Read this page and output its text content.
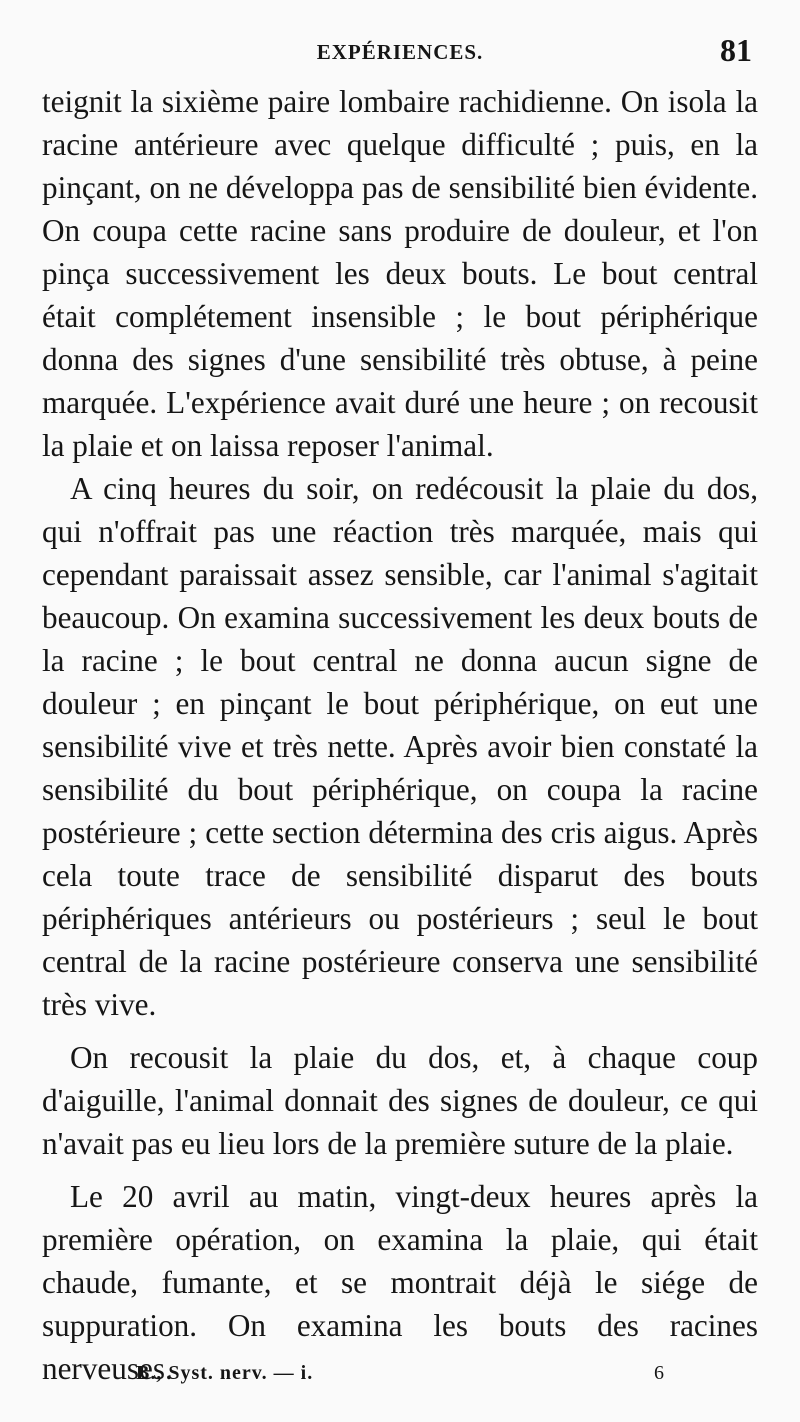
EXPÉRIENCES.	81

teignit la sixième paire lombaire rachidienne. On isola la racine antérieure avec quelque difficulté ; puis, en la pinçant, on ne développa pas de sensibilité bien évidente. On coupa cette racine sans produire de douleur, et l'on pinça successivement les deux bouts. Le bout central était complétement insensible ; le bout périphérique donna des signes d'une sensibilité très obtuse, à peine marquée. L'expérience avait duré une heure ; on recousit la plaie et on laissa reposer l'animal.

A cinq heures du soir, on redécousit la plaie du dos, qui n'offrait pas une réaction très marquée, mais qui cependant paraissait assez sensible, car l'animal s'agitait beaucoup. On examina successivement les deux bouts de la racine ; le bout central ne donna aucun signe de douleur ; en pinçant le bout périphérique, on eut une sensibilité vive et très nette. Après avoir bien constaté la sensibilité du bout périphérique, on coupa la racine postérieure ; cette section détermina des cris aigus. Après cela toute trace de sensibilité disparut des bouts périphériques antérieurs ou postérieurs ; seul le bout central de la racine postérieure conserva une sensibilité très vive.

On recousit la plaie du dos, et, à chaque coup d'aiguille, l'animal donnait des signes de douleur, ce qui n'avait pas eu lieu lors de la première suture de la plaie.

Le 20 avril au matin, vingt-deux heures après la première opération, on examina la plaie, qui était chaude, fumante, et se montrait déjà le siége de suppuration. On examina les bouts des racines nerveuses.

B., Syst. nerv. — i.	6
